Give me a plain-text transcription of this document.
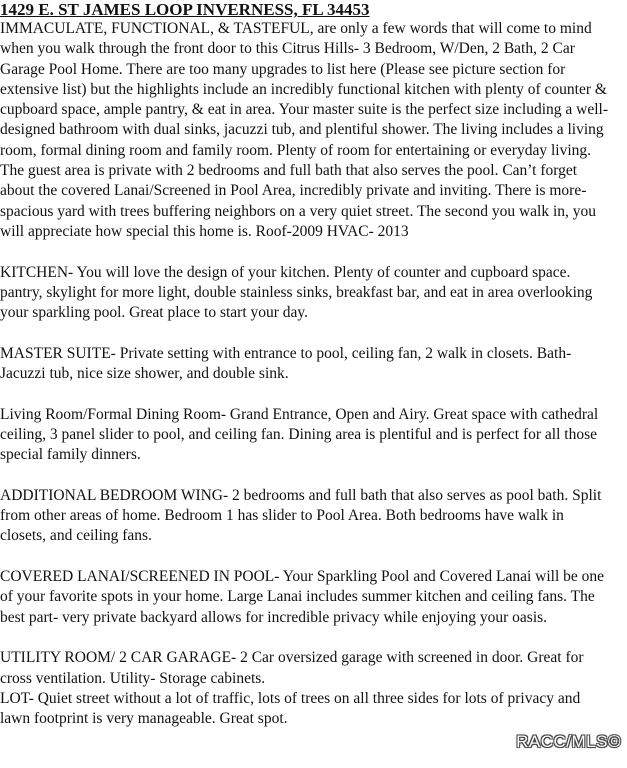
1429 E. ST JAMES LOOP INVERNESS, FL 34453

IMMACULATE, FUNCTIONAL, & TASTEFUL, are only a few words that will come to mind when you walk through the front door to this Citrus Hills- 3 Bedroom, W/Den, 2 Bath, 2 Car Garage Pool Home. There are too many upgrades to list here (Please see picture section for extensive list) but the highlights include an incredibly functional kitchen with plenty of counter & cupboard space, ample pantry, & eat in area. Your master suite is the perfect size including a well-designed bathroom with dual sinks, jacuzzi tub, and plentiful shower. The living includes a living room, formal dining room and family room. Plenty of room for entertaining or everyday living. The guest area is private with 2 bedrooms and full bath that also serves the pool. Can’t forget about the covered Lanai/Screened in Pool Area, incredibly private and inviting. There is more- spacious yard with trees buffering neighbors on a very quiet street. The second you walk in, you will appreciate how special this home is. Roof-2009 HVAC- 2013

KITCHEN- You will love the design of your kitchen. Plenty of counter and cupboard space. pantry, skylight for more light, double stainless sinks, breakfast bar, and eat in area overlooking your sparkling pool. Great place to start your day.

MASTER SUITE- Private setting with entrance to pool, ceiling fan, 2 walk in closets. Bath- Jacuzzi tub, nice size shower, and double sink.

Living Room/Formal Dining Room- Grand Entrance, Open and Airy. Great space with cathedral ceiling, 3 panel slider to pool, and ceiling fan. Dining area is plentiful and is perfect for all those special family dinners.

ADDITIONAL BEDROOM WING- 2 bedrooms and full bath that also serves as pool bath. Split from other areas of home. Bedroom 1 has slider to Pool Area. Both bedrooms have walk in closets, and ceiling fans.

COVERED LANAI/SCREENED IN POOL- Your Sparkling Pool and Covered Lanai will be one of your favorite spots in your home. Large Lanai includes summer kitchen and ceiling fans. The best part- very private backyard allows for incredible privacy while enjoying your oasis.

UTILITY ROOM/ 2 CAR GARAGE- 2 Car oversized garage with screened in door. Great for cross ventilation. Utility- Storage cabinets.

LOT- Quiet street without a lot of traffic, lots of trees on all three sides for lots of privacy and lawn footprint is very manageable. Great spot.

RACC/MLS©
